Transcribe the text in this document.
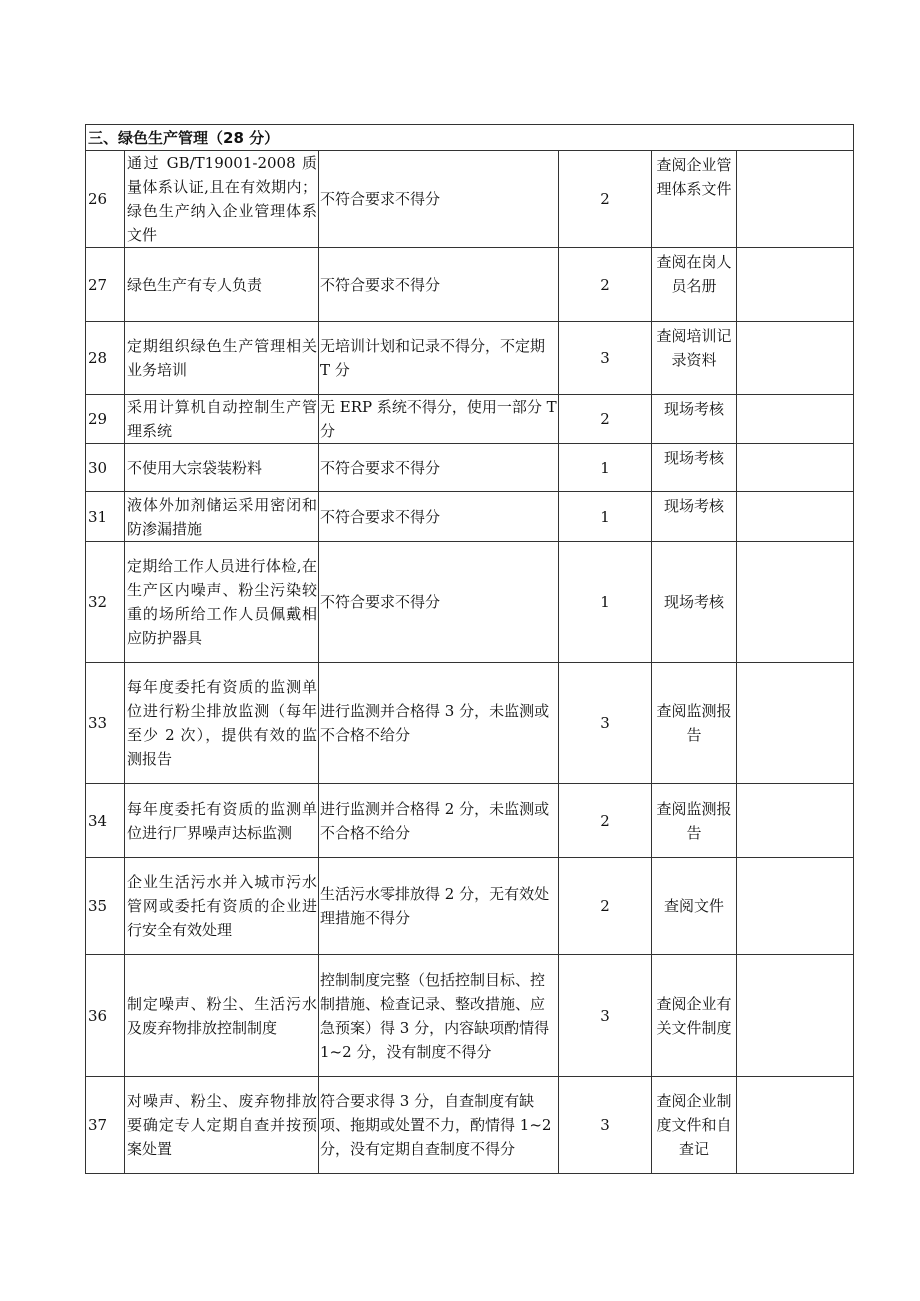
三、绿色生产管理（28 分）					
26	通过 GB/T19001-2008 质量体系认证,且在有效期内；绿色生产纳入企业管理体系文件	不符合要求不得分	2	查阅企业管理体系文件	
27	绿色生产有专人负责	不符合要求不得分	2	查阅在岗人员名册	
28	定期组织绿色生产管理相关业务培训	无培训计划和记录不得分，不定期 T 分	3	查阅培训记录资料	
29	采用计算机自动控制生产管理系统	无 ERP 系统不得分，使用一部分 T 分	2	现场考核	
30	不使用大宗袋装粉料	不符合要求不得分	1	现场考核	
31	液体外加剂储运采用密闭和防渗漏措施	不符合要求不得分	1	现场考核	
32	定期给工作人员进行体检,在生产区内噪声、粉尘污染较重的场所给工作人员佩戴相应防护器具	不符合要求不得分	1	现场考核	
33	每年度委托有资质的监测单位进行粉尘排放监测（每年至少 2 次），提供有效的监测报告	进行监测并合格得 3 分，未监测或不合格不给分	3	查阅监测报告	
34	每年度委托有资质的监测单位进行厂界噪声达标监测	进行监测并合格得 2 分，未监测或不合格不给分	2	查阅监测报告	
35	企业生活污水并入城市污水管网或委托有资质的企业进行安全有效处理	生活污水零排放得 2 分，无有效处理措施不得分	2	查阅文件	
36	制定噪声、粉尘、生活污水及废弃物排放控制制度	控制制度完整（包括控制目标、控制措施、检查记录、整改措施、应急预案）得 3 分，内容缺项酌情得 1~2 分，没有制度不得分	3	查阅企业有关文件制度	
37	对噪声、粉尘、废弃物排放要确定专人定期自查并按预案处置	符合要求得 3 分，自查制度有缺项、拖期或处置不力，酌情得 1~2 分，没有定期自查制度不得分	3	查阅企业制度文件和自查记	
